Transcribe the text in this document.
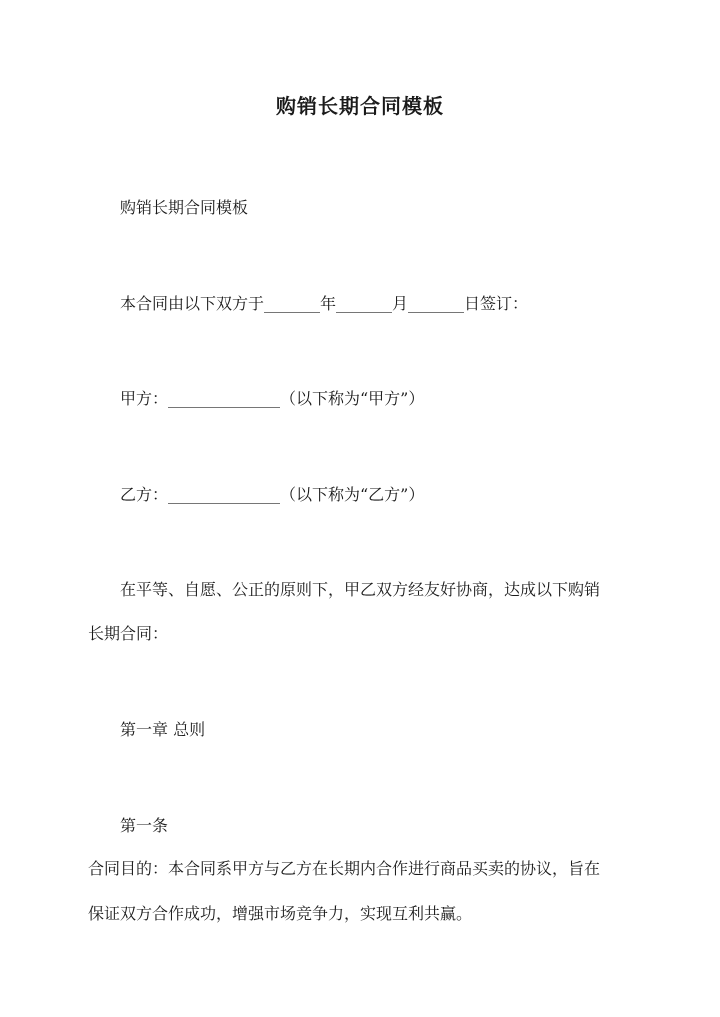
购销长期合同模板
购销长期合同模板
本合同由以下双方于_______年_______月_______日签订：
甲方：______________（以下称为“甲方”）
乙方：______________（以下称为“乙方”）
在平等、自愿、公正的原则下，甲乙双方经友好协商，达成以下购销
长期合同：
第一章 总则
第一条
合同目的：本合同系甲方与乙方在长期内合作进行商品买卖的协议，旨在
保证双方合作成功，增强市场竞争力，实现互利共赢。
